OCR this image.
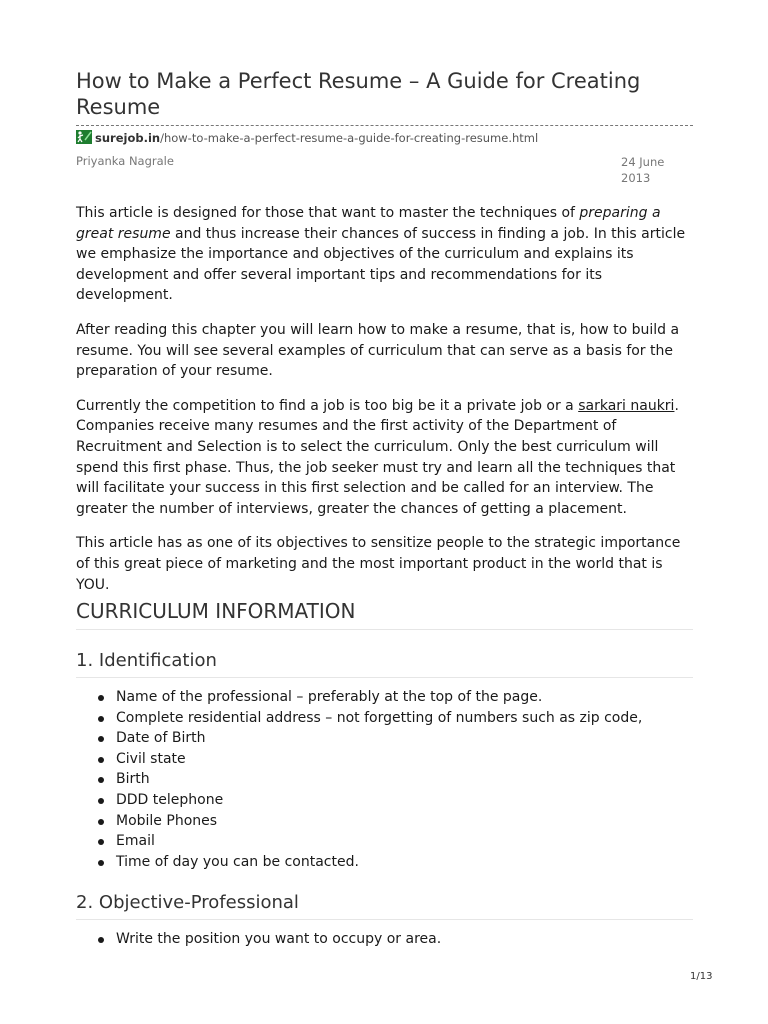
How to Make a Perfect Resume – A Guide for Creating Resume
surejob.in/how-to-make-a-perfect-resume-a-guide-for-creating-resume.html
Priyanka Nagrale	24 June 2013

This article is designed for those that want to master the techniques of preparing a great resume and thus increase their chances of success in finding a job. In this article we emphasize the importance and objectives of the curriculum and explains its development and offer several important tips and recommendations for its development.

After reading this chapter you will learn how to make a resume, that is, how to build a resume. You will see several examples of curriculum that can serve as a basis for the preparation of your resume.

Currently the competition to find a job is too big be it a private job or a sarkari naukri. Companies receive many resumes and the first activity of the Department of Recruitment and Selection is to select the curriculum. Only the best curriculum will spend this first phase. Thus, the job seeker must try and learn all the techniques that will facilitate your success in this first selection and be called for an interview. The greater the number of interviews, greater the chances of getting a placement.

This article has as one of its objectives to sensitize people to the strategic importance of this great piece of marketing and the most important product in the world that is YOU.

CURRICULUM INFORMATION
1. Identification
Name of the professional – preferably at the top of the page.
Complete residential address – not forgetting of numbers such as zip code,
Date of Birth
Civil state
Birth
DDD telephone
Mobile Phones
Email
Time of day you can be contacted.
2. Objective-Professional
Write the position you want to occupy or area.
1/13
